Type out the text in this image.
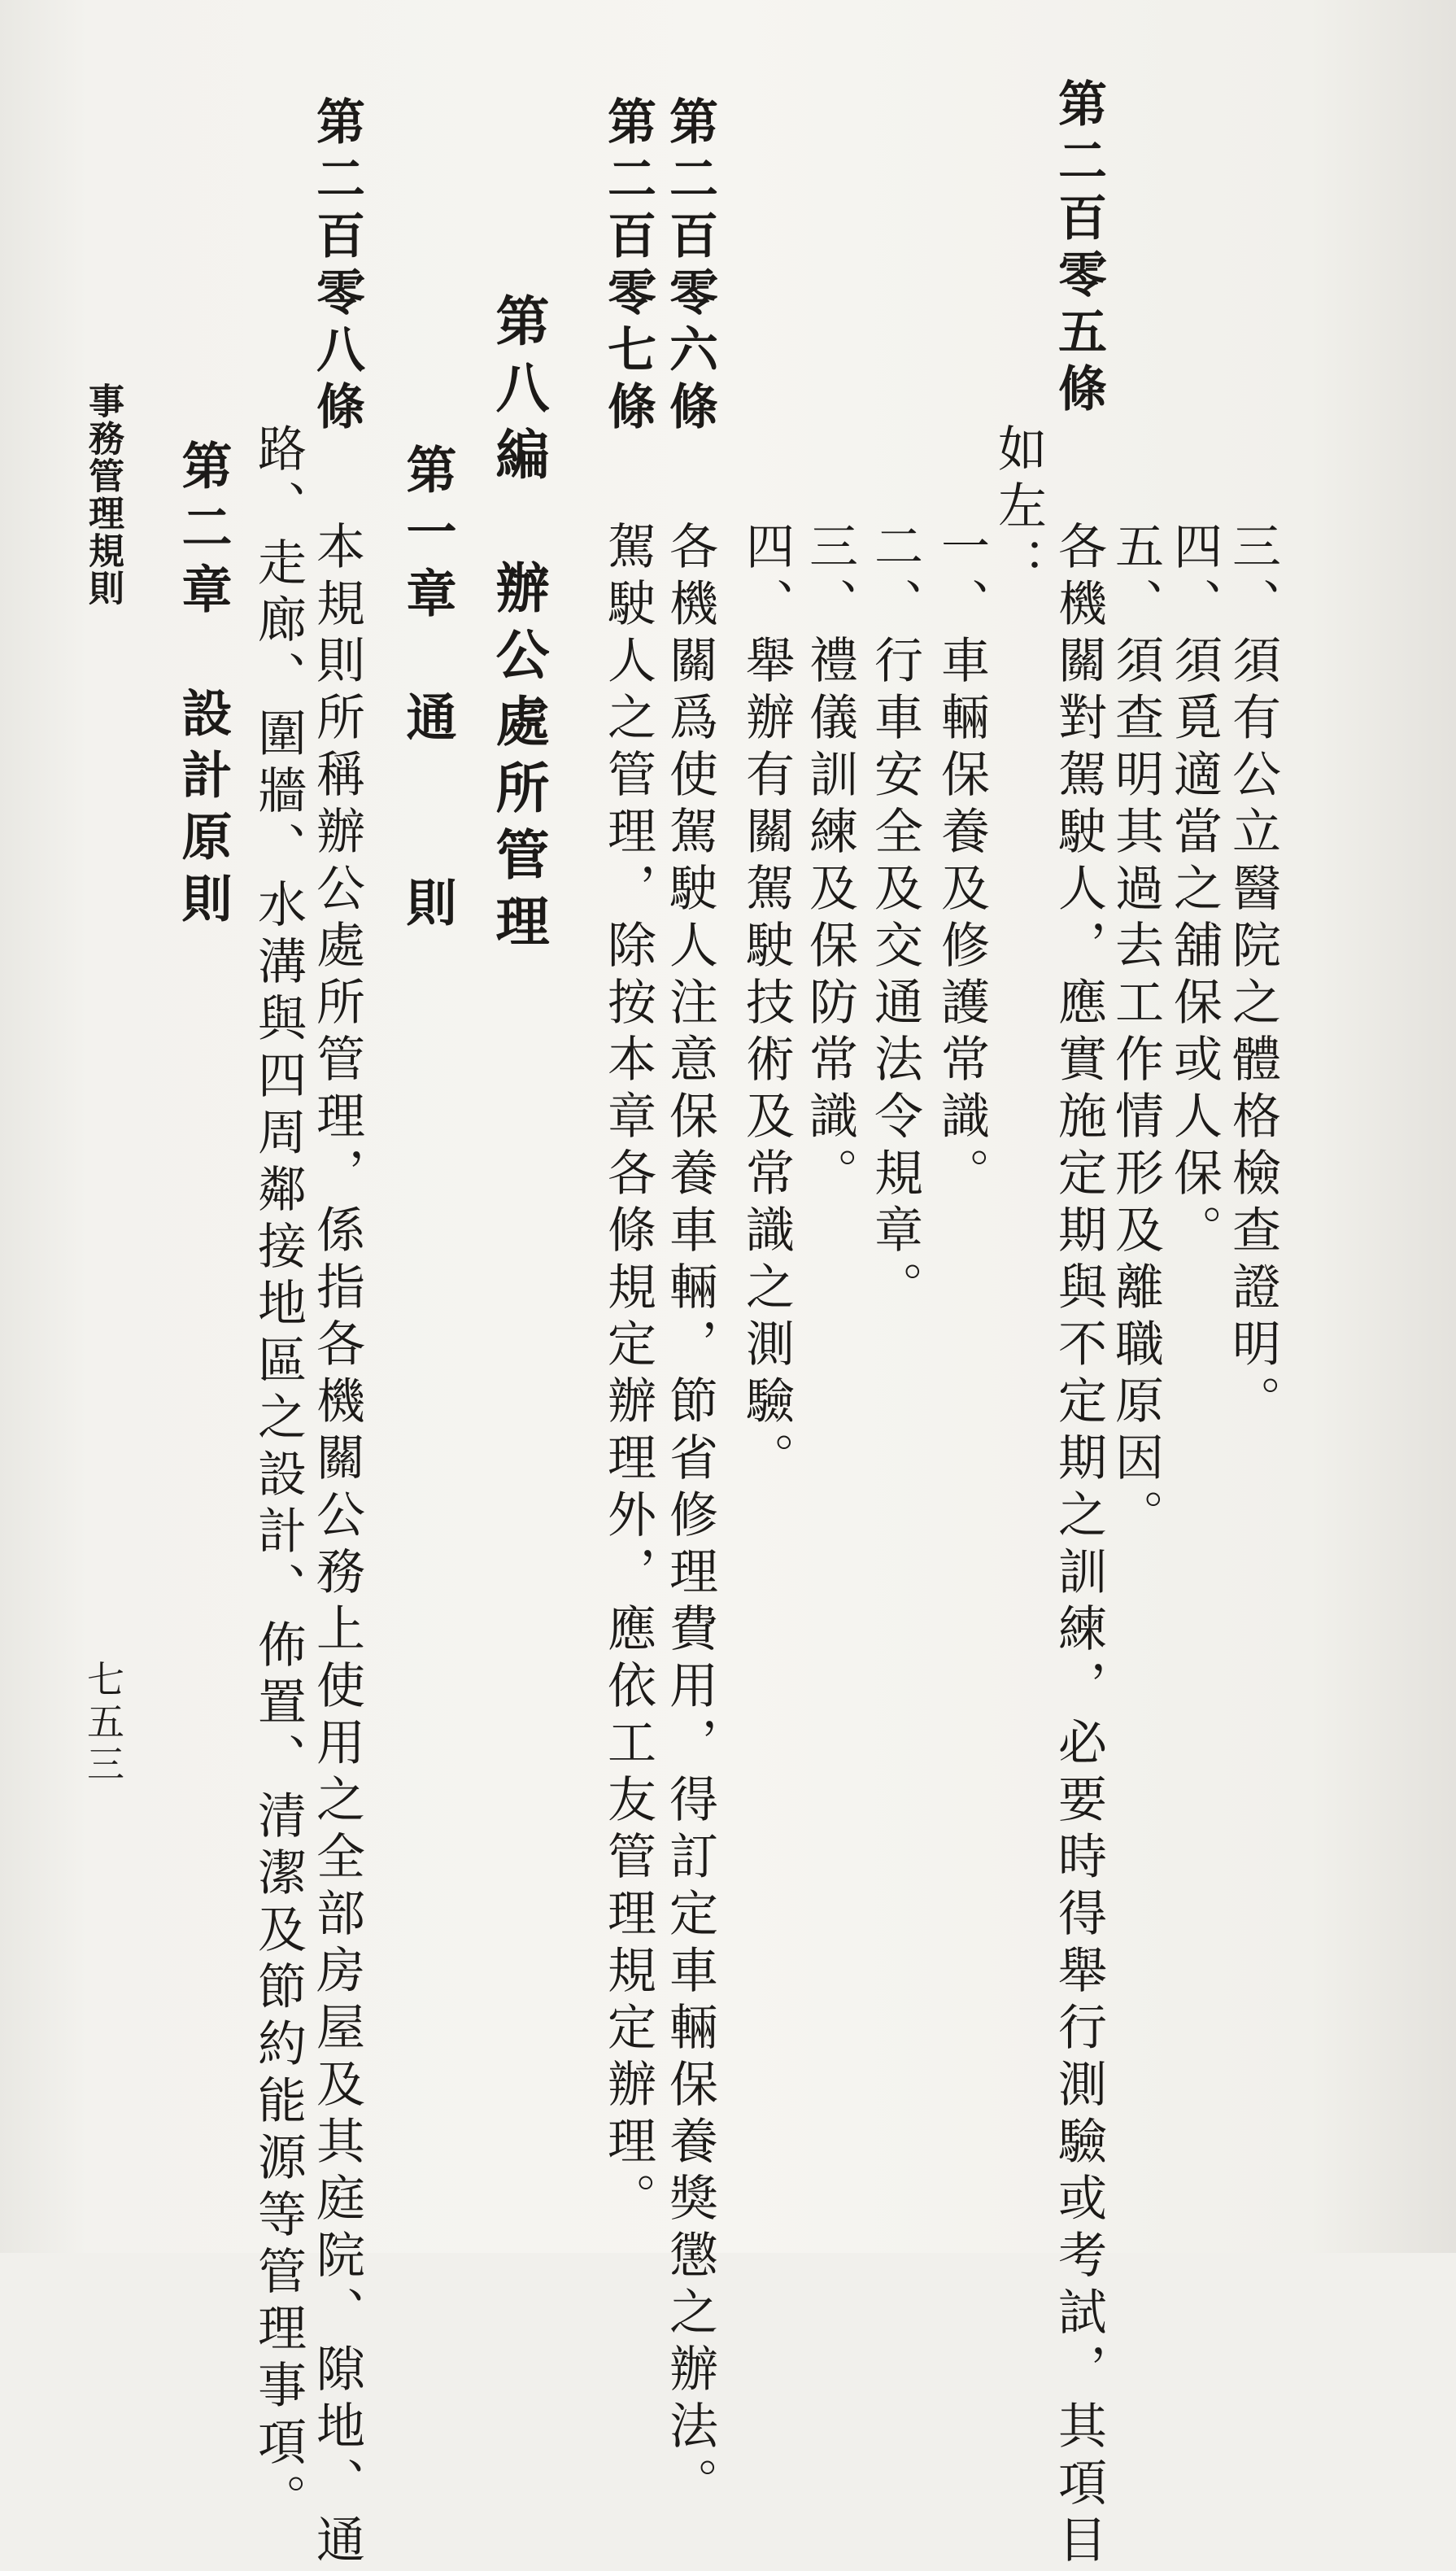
三、須有公立醫院之體格檢查證明。
四、須覓適當之舖保或人保。
五、須查明其過去工作情形及離職原因。
第二百零五條
各機關對駕駛人，應實施定期與不定期之訓練，必要時得舉行測驗或考試，其項目
如左：
一、車輛保養及修護常識。
二、行車安全及交通法令規章。
三、禮儀訓練及保防常識。
四、舉辦有關駕駛技術及常識之測驗。
第二百零六條
各機關爲使駕駛人注意保養車輛，節省修理費用，得訂定車輛保養獎懲之辦法。
第二百零七條
駕駛人之管理，除按本章各條規定辦理外，應依工友管理規定辦理。
第八編　辦公處所管理
第一章　通　　則
第二百零八條
本規則所稱辦公處所管理，係指各機關公務上使用之全部房屋及其庭院、隙地、通
路、走廊、圍牆、水溝與四周鄰接地區之設計、佈置、清潔及節約能源等管理事項。
第二章　設計原則
事務管理規則
七五三
